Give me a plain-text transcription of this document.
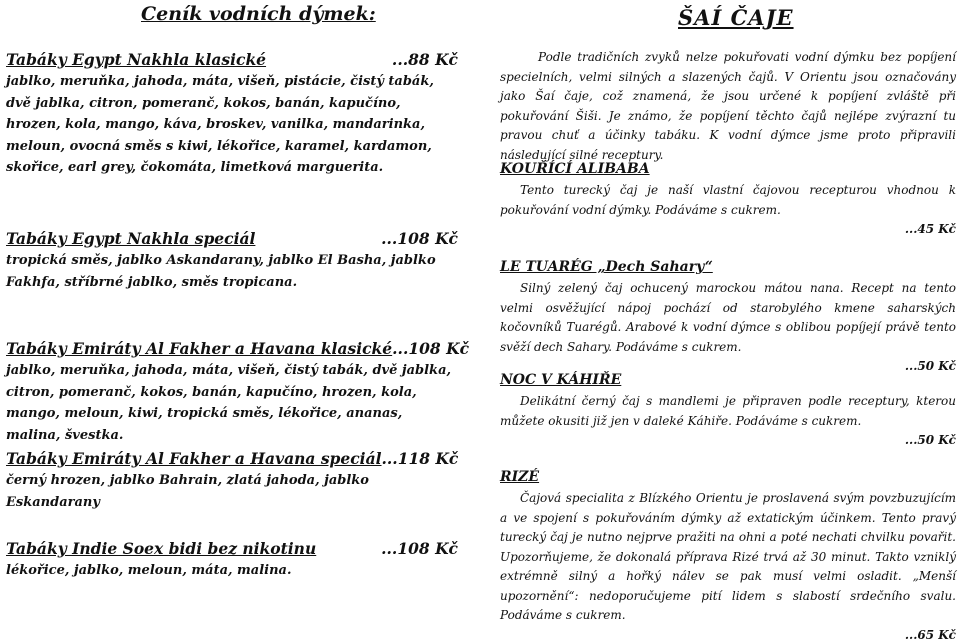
Ceník vodních dýmek:
Tabáky Egypt Nakhla klasické	...88 Kč
jablko, meruňka, jahoda, máta, višeň, pistácie, čistý tabák, dvě jablka, citron, pomeranč, kokos, banán, kapučíno, hrozen, kola, mango, káva, broskev, vanilka, mandarinka, meloun, ovocná směs s kiwi, lékořice, karamel, kardamon, skořice, earl grey, čokomáta, limetková marguerita.
Tabáky Egypt Nakhla speciál	...108 Kč
tropická směs, jablko Askandarany, jablko El Basha, jablko Fakhfa, stříbrné jablko, směs tropicana.
Tabáky Emiráty Al Fakher a Havana klasické ...108 Kč
jablko, meruňka, jahoda, máta, višeň, čistý tabák, dvě jablka, citron, pomeranč, kokos, banán, kapučíno, hrozen, kola, mango, meloun, kiwi, tropická směs, lékořice, ananas, malina, švestka.
Tabáky Emiráty Al Fakher a Havana speciál ...118 Kč
černý hrozen, jablko Bahrain, zlatá jahoda, jablko Eskandarany
Tabáky Indie Soex bidi bez nikotinu	...108 Kč
lékořice, jablko, meloun, máta, malina.
ŠAÍ ČAJE
Podle tradičních zvyků nelze pokuřovati vodní dýmku bez popíjení specielních, velmi silných a slazených čajů. V Orientu jsou označovány jako Šaí čaje, což znamená, že jsou určené k popíjení zvláště při pokuřování Šiši. Je známo, že popíjení těchto čajů nejlépe zvýrazní tu pravou chuť a účinky tabáku. K vodní dýmce jsme proto připravili následující silné receptury.
KOUŘÍCÍ ALIBABA
Tento turecký čaj je naší vlastní čajovou recepturou vhodnou k pokuřování vodní dýmky. Podáváme s cukrem.
...45 Kč
LE TUARÉG „Dech Sahary“
Silný zelený čaj ochucený marockou mátou nana. Recept na tento velmi osvěžující nápoj pochází od starobylého kmene saharských kočovníků Tuarégů. Arabové k vodní dýmce s oblibou popíjejí právě tento svěží dech Sahary. Podáváme s cukrem.
...50 Kč
NOC V KÁHIŘE
Delikátní černý čaj s mandlemi je připraven podle receptury, kterou můžete okusiti již jen v daleké Káhiře. Podáváme s cukrem.
...50 Kč
RIZÉ
Čajová specialita z Blízkého Orientu je proslavená svým povzbuzujícím a ve spojení s pokuřováním dýmky až extatickým účinkem. Tento pravý turecký čaj je nutno nejprve pražiti na ohni a poté nechati chvilku povařit. Upozorňujeme, že dokonalá příprava Rizé trvá až 30 minut. Takto vzniklý extrémně silný a hořký nálev se pak musí velmi osladit. „Menší upozornění“: nedoporučujeme pití lidem s slabostí srdečního svalu. Podáváme s cukrem.
...65 Kč
